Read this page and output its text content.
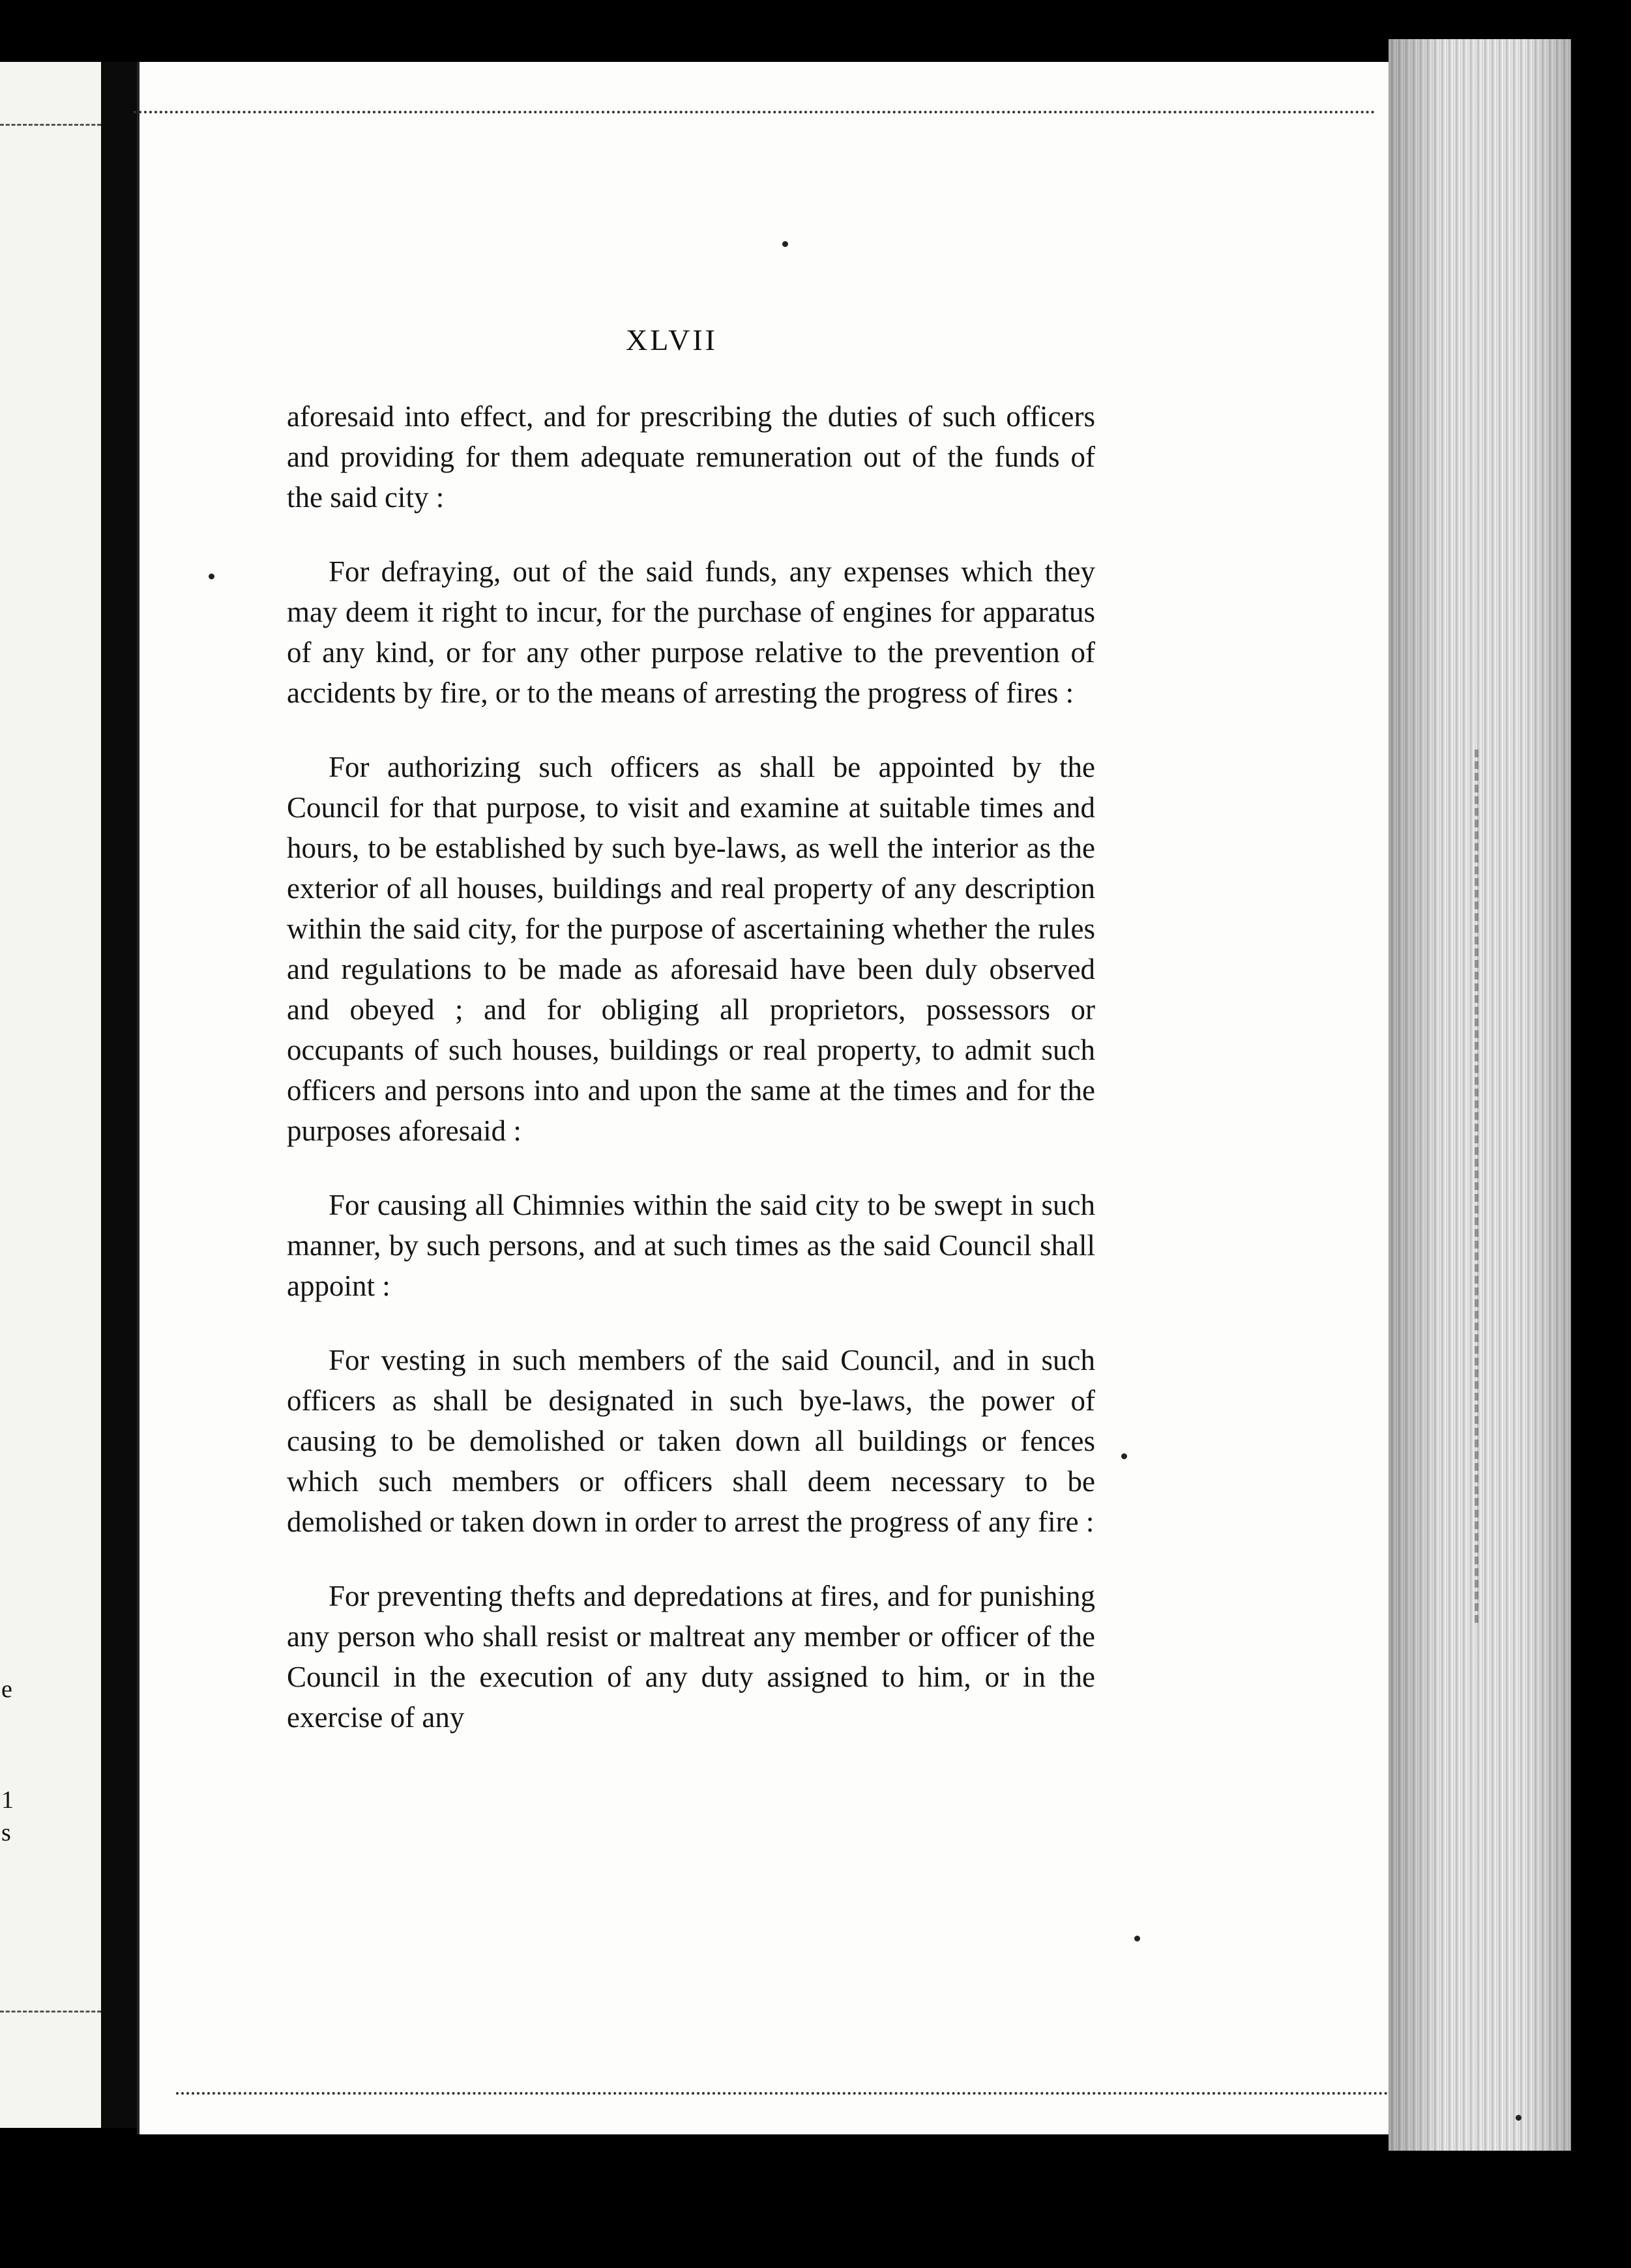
e
1
s
XLVII

aforesaid into effect, and for prescribing the duties of such officers and providing for them adequate remuneration out of the funds of the said city :

For defraying, out of the said funds, any expenses which they may deem it right to incur, for the purchase of engines for apparatus of any kind, or for any other purpose relative to the prevention of accidents by fire, or to the means of arresting the progress of fires :

For authorizing such officers as shall be appointed by the Council for that purpose, to visit and examine at suitable times and hours, to be established by such bye-laws, as well the interior as the exterior of all houses, buildings and real property of any description within the said city, for the purpose of ascertaining whether the rules and regulations to be made as aforesaid have been duly observed and obeyed ; and for obliging all proprietors, possessors or occupants of such houses, buildings or real property, to admit such officers and persons into and upon the same at the times and for the purposes aforesaid :

For causing all Chimnies within the said city to be swept in such manner, by such persons, and at such times as the said Council shall appoint :

For vesting in such members of the said Council, and in such officers as shall be designated in such bye-laws, the power of causing to be demolished or taken down all buildings or fences which such members or officers shall deem necessary to be demolished or taken down in order to arrest the progress of any fire :

For preventing thefts and depredations at fires, and for punishing any person who shall resist or maltreat any member or officer of the Council in the execution of any duty assigned to him, or in the exercise of any
